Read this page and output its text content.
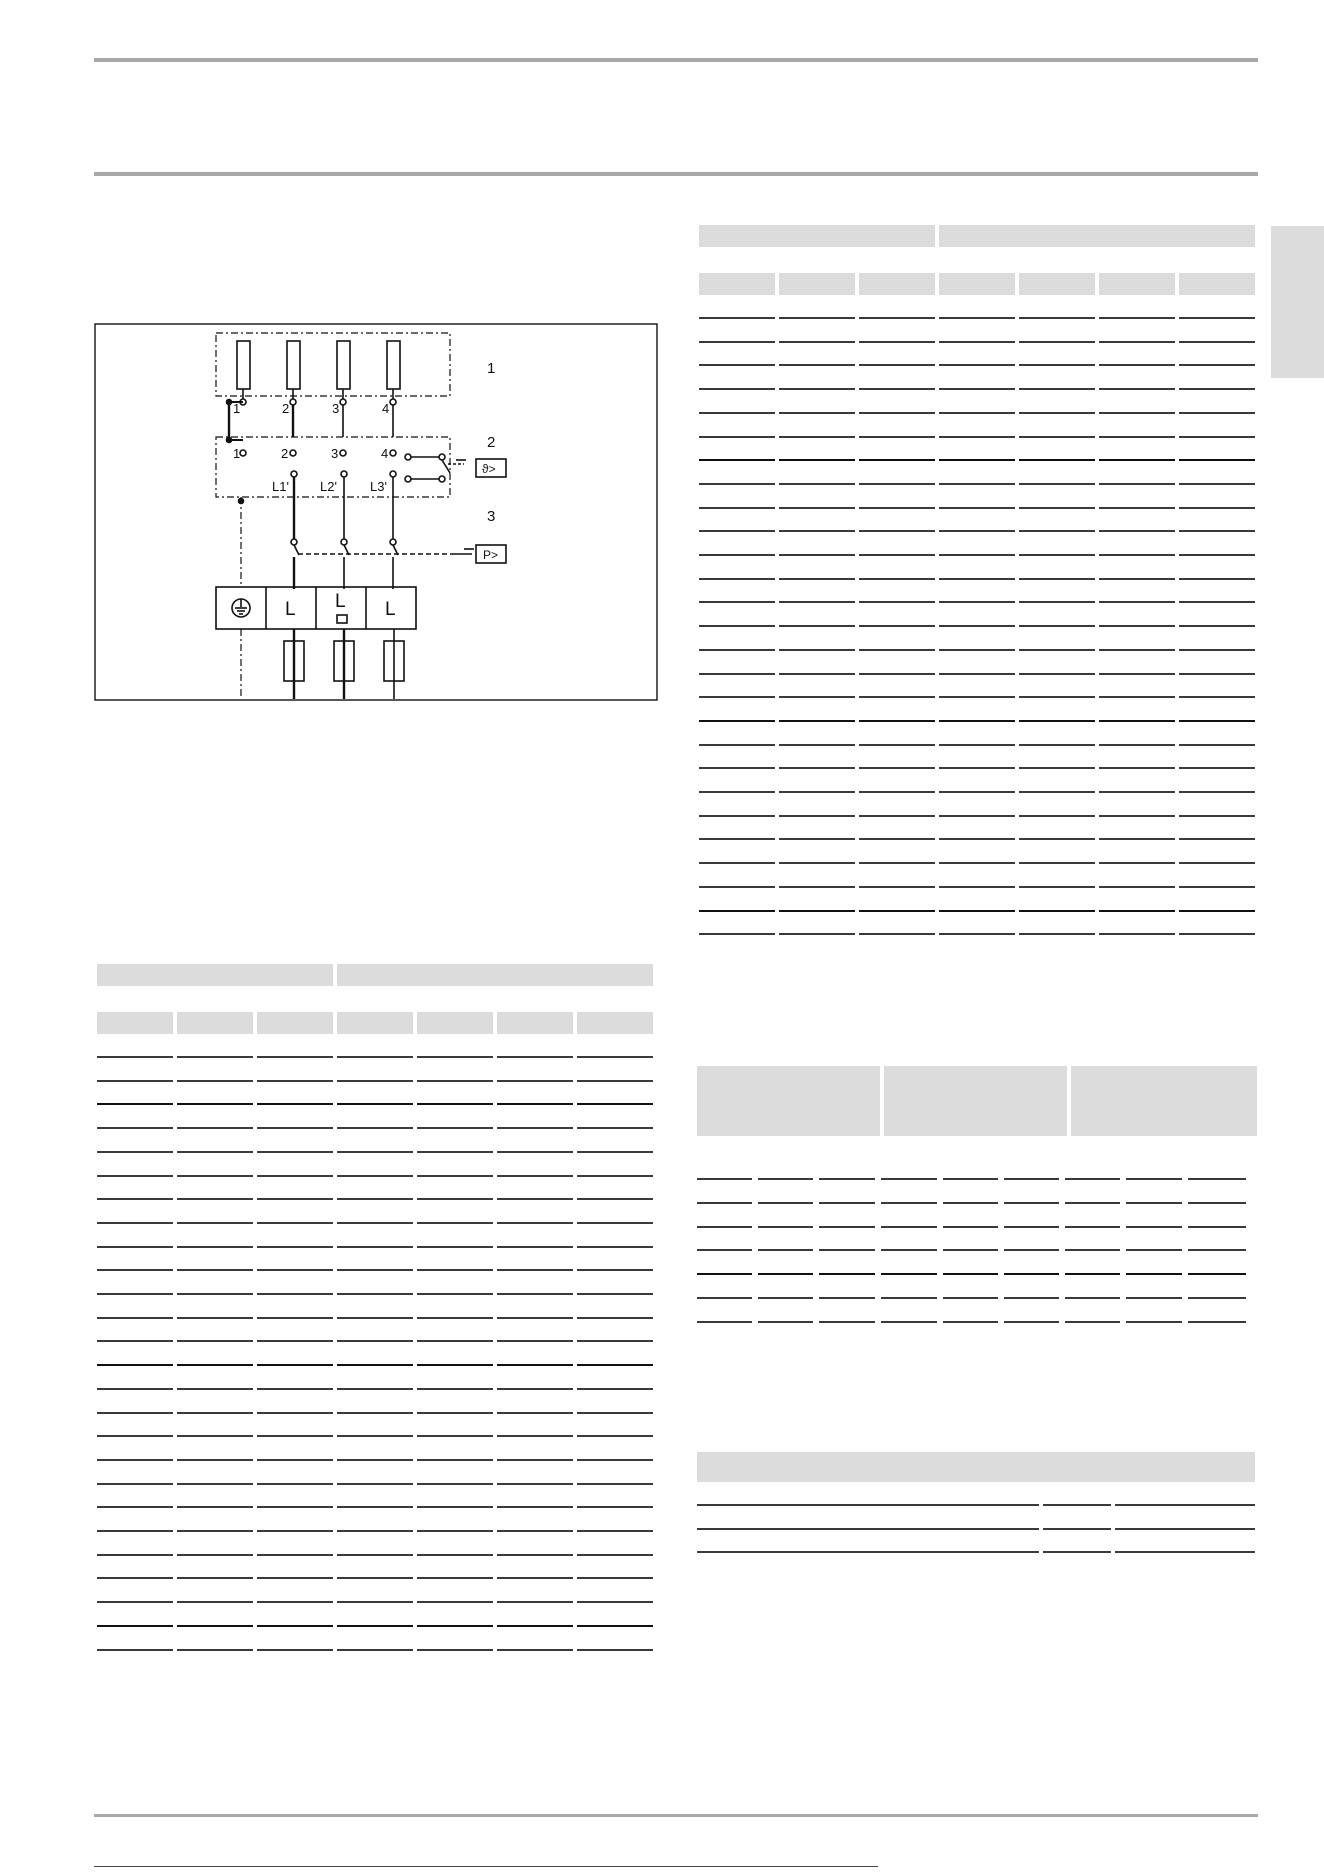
1
2
3
1	2	3	4
1	2	3	4
L1' L2'	L3'
ϑ>
P>
L L L
